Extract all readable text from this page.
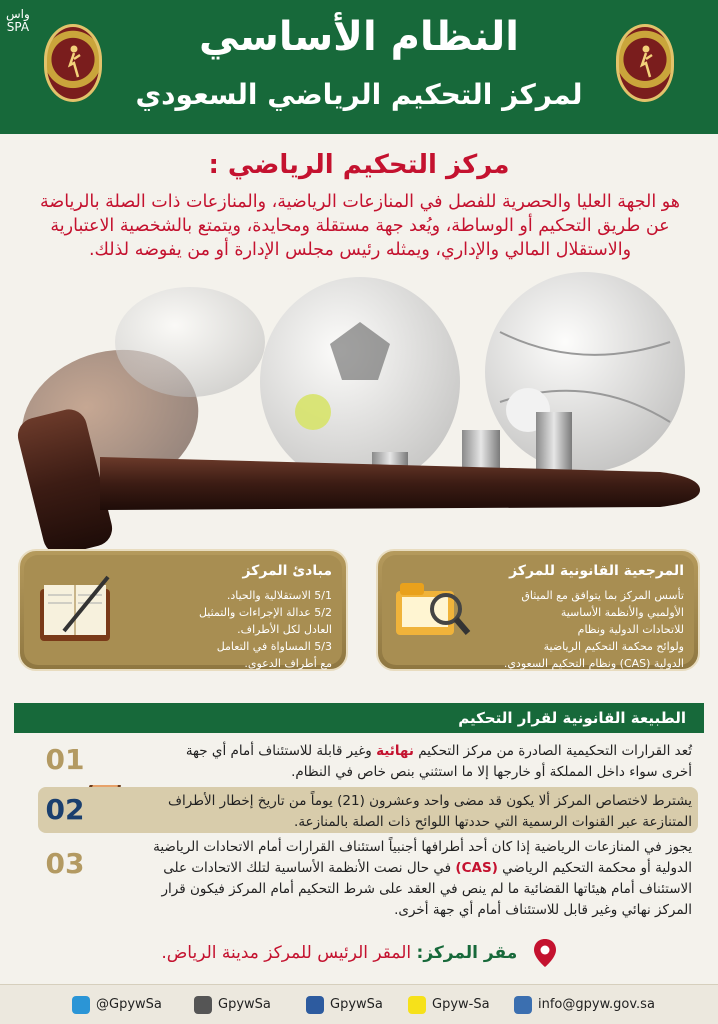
واس
SPA	النظام الأساسي
لمركز التحكيم الرياضي السعودي
مركز التحكيم الرياضي :
هو الجهة العليا والحصرية للفصل في المنازعات الرياضية، والمنازعات ذات الصلة بالرياضة عن طريق التحكيم أو الوساطة، ويُعد جهة مستقلة ومحايدة، ويتمتع بالشخصية الاعتبارية والاستقلال المالي والإداري، ويمثله رئيس مجلس الإدارة أو من يفوضه لذلك.
المرجعية القانونية للمركز
تأسس المركز بما يتوافق مع الميثاق
الأولمبي والأنظمة الأساسية
للاتحادات الدولية ونظام
ولوائح محكمة التحكيم الرياضية
الدولية (CAS) ونظام التحكيم السعودي.
مبادئ المركز
5/1 الاستقلالية والحياد.
5/2 عدالة الإجراءات والتمثيل
العادل لكل الأطراف.
5/3 المساواة في التعامل
مع أطراف الدعوى.
الطبيعة القانونية لقرار التحكيم
01	تُعد القرارات التحكيمية الصادرة من مركز التحكيم نهائية وغير قابلة للاستئناف أمام أي جهة أخرى سواء داخل المملكة أو خارجها إلا ما استثني بنص خاص في النظام.
02	يشترط لاختصاص المركز ألا يكون قد مضى واحد وعشرون (21) يوماً من تاريخ إخطار الأطراف المتنازعة عبر القنوات الرسمية التي حددتها اللوائح ذات الصلة بالمنازعة.
03	يجوز في المنازعات الرياضية إذا كان أحد أطرافها أجنبياً استئناف القرارات أمام الاتحادات الرياضية الدولية أو محكمة التحكيم الرياضي (CAS) في حال نصت الأنظمة الأساسية لتلك الاتحادات على الاستئناف أمام هيئاتها القضائية ما لم ينص في العقد على شرط التحكيم أمام المركز فيكون قرار المركز نهائي وغير قابل للاستئناف أمام أي جهة أخرى.
مقر المركز: المقر الرئيس للمركز مدينة الرياض.
@GpywSa	GpywSa	GpywSa	Gpyw-Sa	info@gpyw.gov.sa
